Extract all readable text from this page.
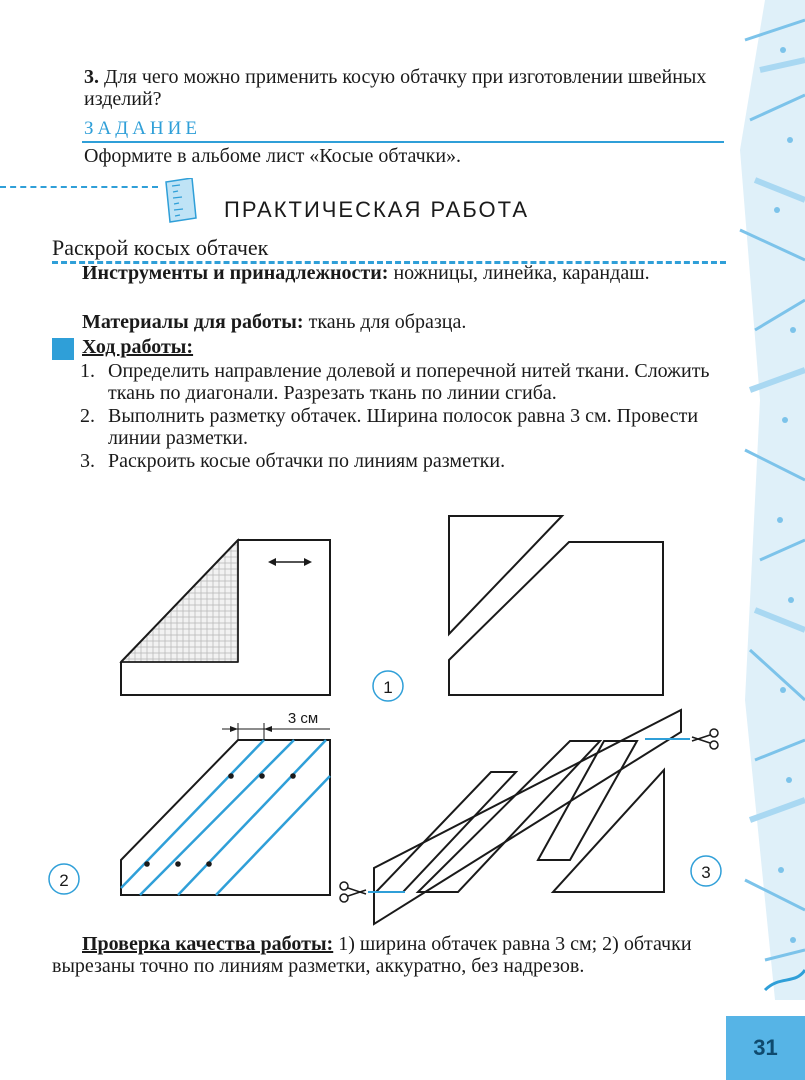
3. Для чего можно применить косую обтачку при изготовлении швейных изделий?
ЗАДАНИЕ
Оформите в альбоме лист «Косые обтачки».
ПРАКТИЧЕСКАЯ РАБОТА
Раскрой косых обтачек
Инструменты и принадлежности: ножницы, линейка, карандаш.
Материалы для работы: ткань для образца.
Ход работы:
1. Определить направление долевой и поперечной нитей ткани. Сложить ткань по диагонали. Разрезать ткань по линии сгиба.
2. Выполнить разметку обтачек. Ширина полосок равна 3 см. Провести линии разметки.
3. Раскроить косые обтачки по линиям разметки.
1
3 см
2	3
Проверка качества работы: 1) ширина обтачек равна 3 см; 2) обтачки вырезаны точно по линиям разметки, аккуратно, без надрезов.
31
